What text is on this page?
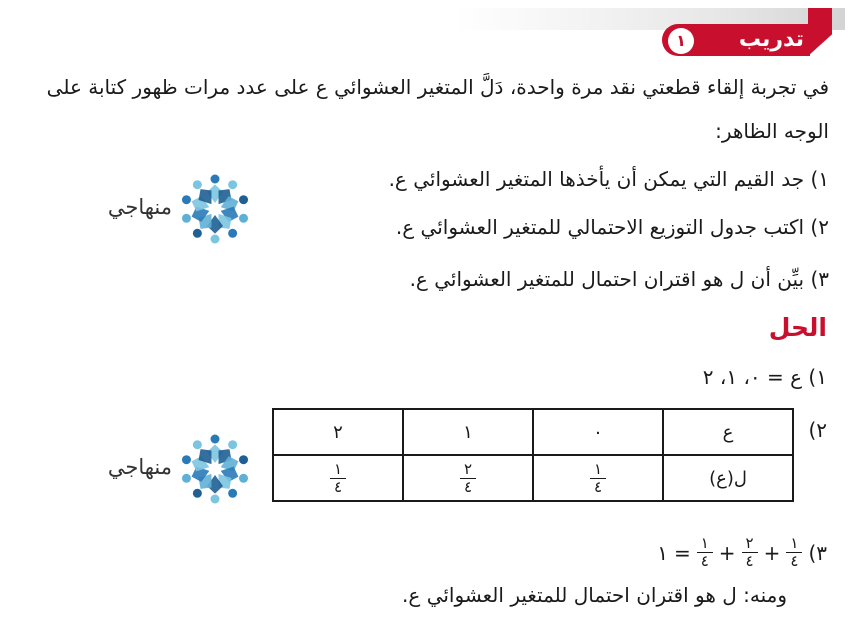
تدريب
١
في تجربة إلقاء قطعتي نقد مرة واحدة، دَلَّ المتغير العشوائي ع على عدد مرات ظهور كتابة على
الوجه الظاهر:
١) جد القيم التي يمكن أن يأخذها المتغير العشوائي ع.
٢) اكتب جدول التوزيع الاحتمالي للمتغير العشوائي ع.
٣) بيِّن أن ل هو اقتران احتمال للمتغير العشوائي ع.
منهاجي
الحل
١) ع = ٠، ١، ٢
٢)
ع	٠	١	٢
ل(ع)	$\frac{١}{٤}$	$\frac{٢}{٤}$	$\frac{١}{٤}$
منهاجي
٣)
$\frac{١}{٤}$
+
$\frac{٢}{٤}$
+
$\frac{١}{٤}$
=
١
ومنه: ل هو اقتران احتمال للمتغير العشوائي ع.
